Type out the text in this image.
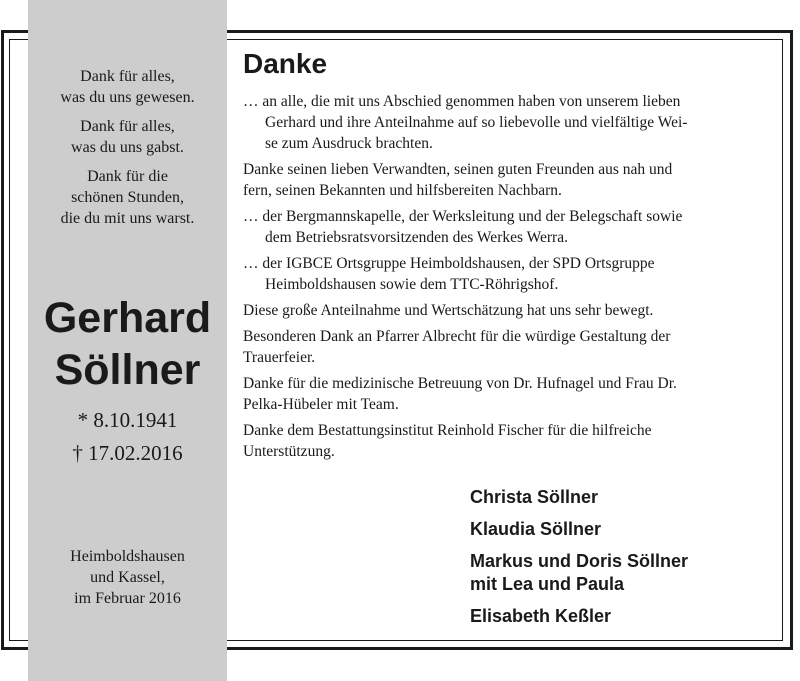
Dank für alles,
was du uns gewesen.
Dank für alles,
was du uns gabst.
Dank für die
schönen Stunden,
die du mit uns warst.
Gerhard
Söllner
* 8.10.1941
† 17.02.2016
Heimboldshausen
und Kassel,
im Februar 2016
Danke
… an alle, die mit uns Abschied genommen haben von unserem lieben
Gerhard und ihre Anteilnahme auf so liebevolle und vielfältige Wei-
se zum Ausdruck brachten.
Danke seinen lieben Verwandten, seinen guten Freunden aus nah und
fern, seinen Bekannten und hilfsbereiten Nachbarn.
… der Bergmannskapelle, der Werksleitung und der Belegschaft sowie
dem Betriebsratsvorsitzenden des Werkes Werra.
… der IGBCE Ortsgruppe Heimboldshausen, der SPD Ortsgruppe
Heimboldshausen sowie dem TTC-Röhrigshof.
Diese große Anteilnahme und Wertschätzung hat uns sehr bewegt.
Besonderen Dank an Pfarrer Albrecht für die würdige Gestaltung der
Trauerfeier.
Danke für die medizinische Betreuung von Dr. Hufnagel und Frau Dr.
Pelka-Hübeler mit Team.
Danke dem Bestattungsinstitut Reinhold Fischer für die hilfreiche
Unterstützung.
Christa Söllner
Klaudia Söllner
Markus und Doris Söllner
mit Lea und Paula
Elisabeth Keßler
